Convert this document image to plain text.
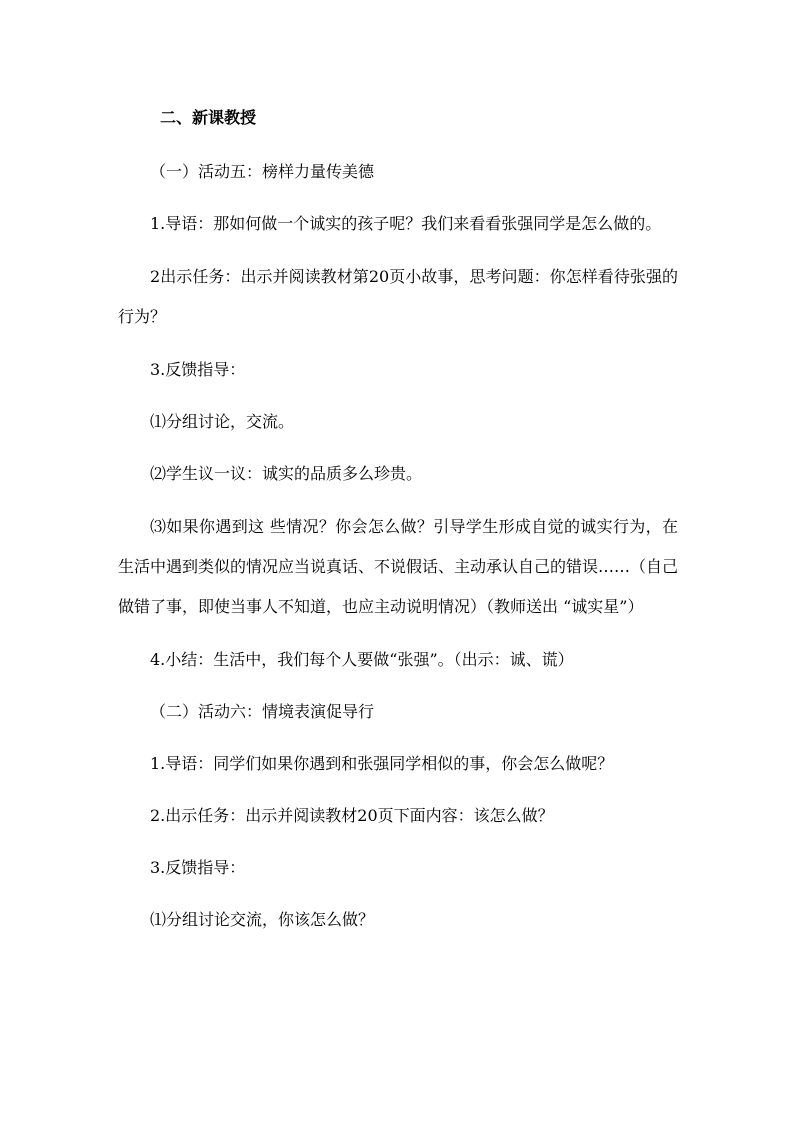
二、新课教授

（一）活动五：榜样力量传美德

1.导语：那如何做一个诚实的孩子呢？我们来看看张强同学是怎么做的。

2出示任务：出示并阅读教材第20页小故事，思考问题：你怎样看待张强的行为？

3.反馈指导：

⑴分组讨论，交流。

⑵学生议一议：诚实的品质多么珍贵。

⑶如果你遇到这 些情况？你会怎么做？引导学生形成自觉的诚实行为，在生活中遇到类似的情况应当说真话、不说假话、主动承认自己的错误……（自己做错了事，即使当事人不知道，也应主动说明情况）（教师送出 “诚实星”）

4.小结：生活中，我们每个人要做“张强”。（出示：诚、谎）

（二）活动六：情境表演促导行

1.导语：同学们如果你遇到和张强同学相似的事，你会怎么做呢？

2.出示任务：出示并阅读教材20页下面内容：该怎么做？

3.反馈指导：

⑴分组讨论交流，你该怎么做？
